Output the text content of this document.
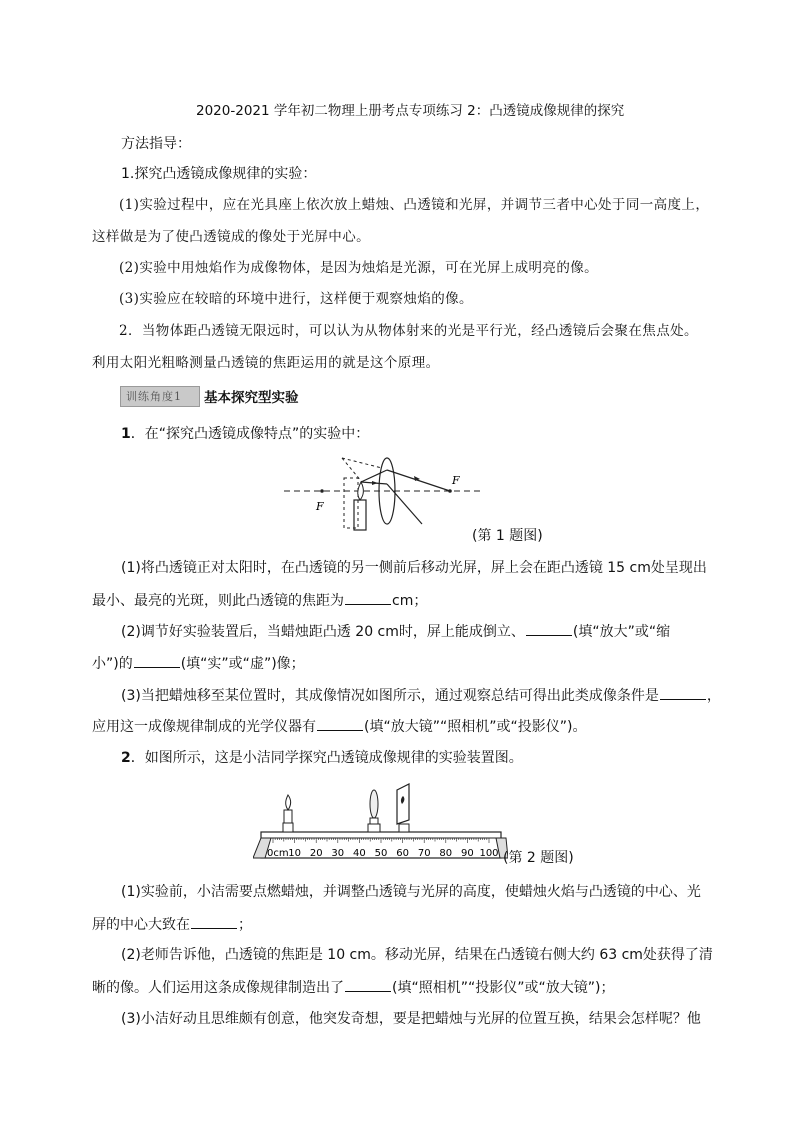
2020-2021 学年初二物理上册考点专项练习 2：凸透镜成像规律的探究
方法指导：
1.探究凸透镜成像规律的实验：
(1)实验过程中，应在光具座上依次放上蜡烛、凸透镜和光屏，并调节三者中心处于同一高度上，
这样做是为了使凸透镜成的像处于光屏中心。
(2)实验中用烛焰作为成像物体，是因为烛焰是光源，可在光屏上成明亮的像。
(3)实验应在较暗的环境中进行，这样便于观察烛焰的像。
2．当物体距凸透镜无限远时，可以认为从物体射来的光是平行光，经凸透镜后会聚在焦点处。
利用太阳光粗略测量凸透镜的焦距运用的就是这个原理。
训练角度1	基本探究型实验
1．在“探究凸透镜成像特点”的实验中：
F
F
(第 1 题图)
(1)将凸透镜正对太阳时，在凸透镜的另一侧前后移动光屏，屏上会在距凸透镜 15 cm处呈现出
最小、最亮的光斑，则此凸透镜的焦距为	cm；
(2)调节好实验装置后，当蜡烛距凸透 20 cm时，屏上能成倒立、	(填“放大”或“缩
小”)的	(填“实”或“虚”)像；
(3)当把蜡烛移至某位置时，其成像情况如图所示，通过观察总结可得出此类成像条件是	，
应用这一成像规律制成的光学仪器有	(填“放大镜”“照相机”或“投影仪”)。
2．如图所示，这是小洁同学探究凸透镜成像规律的实验装置图。
0cm 10 20 30 40 50 60 70 80 90 100 (第 2 题图)
(1)实验前，小洁需要点燃蜡烛，并调整凸透镜与光屏的高度，使蜡烛火焰与凸透镜的中心、光
屏的中心大致在	；
(2)老师告诉他，凸透镜的焦距是 10 cm。移动光屏，结果在凸透镜右侧大约 63 cm处获得了清
晰的像。人们运用这条成像规律制造出了	(填“照相机”“投影仪”或“放大镜”)；
(3)小洁好动且思维颇有创意，他突发奇想，要是把蜡烛与光屏的位置互换，结果会怎样呢？他
